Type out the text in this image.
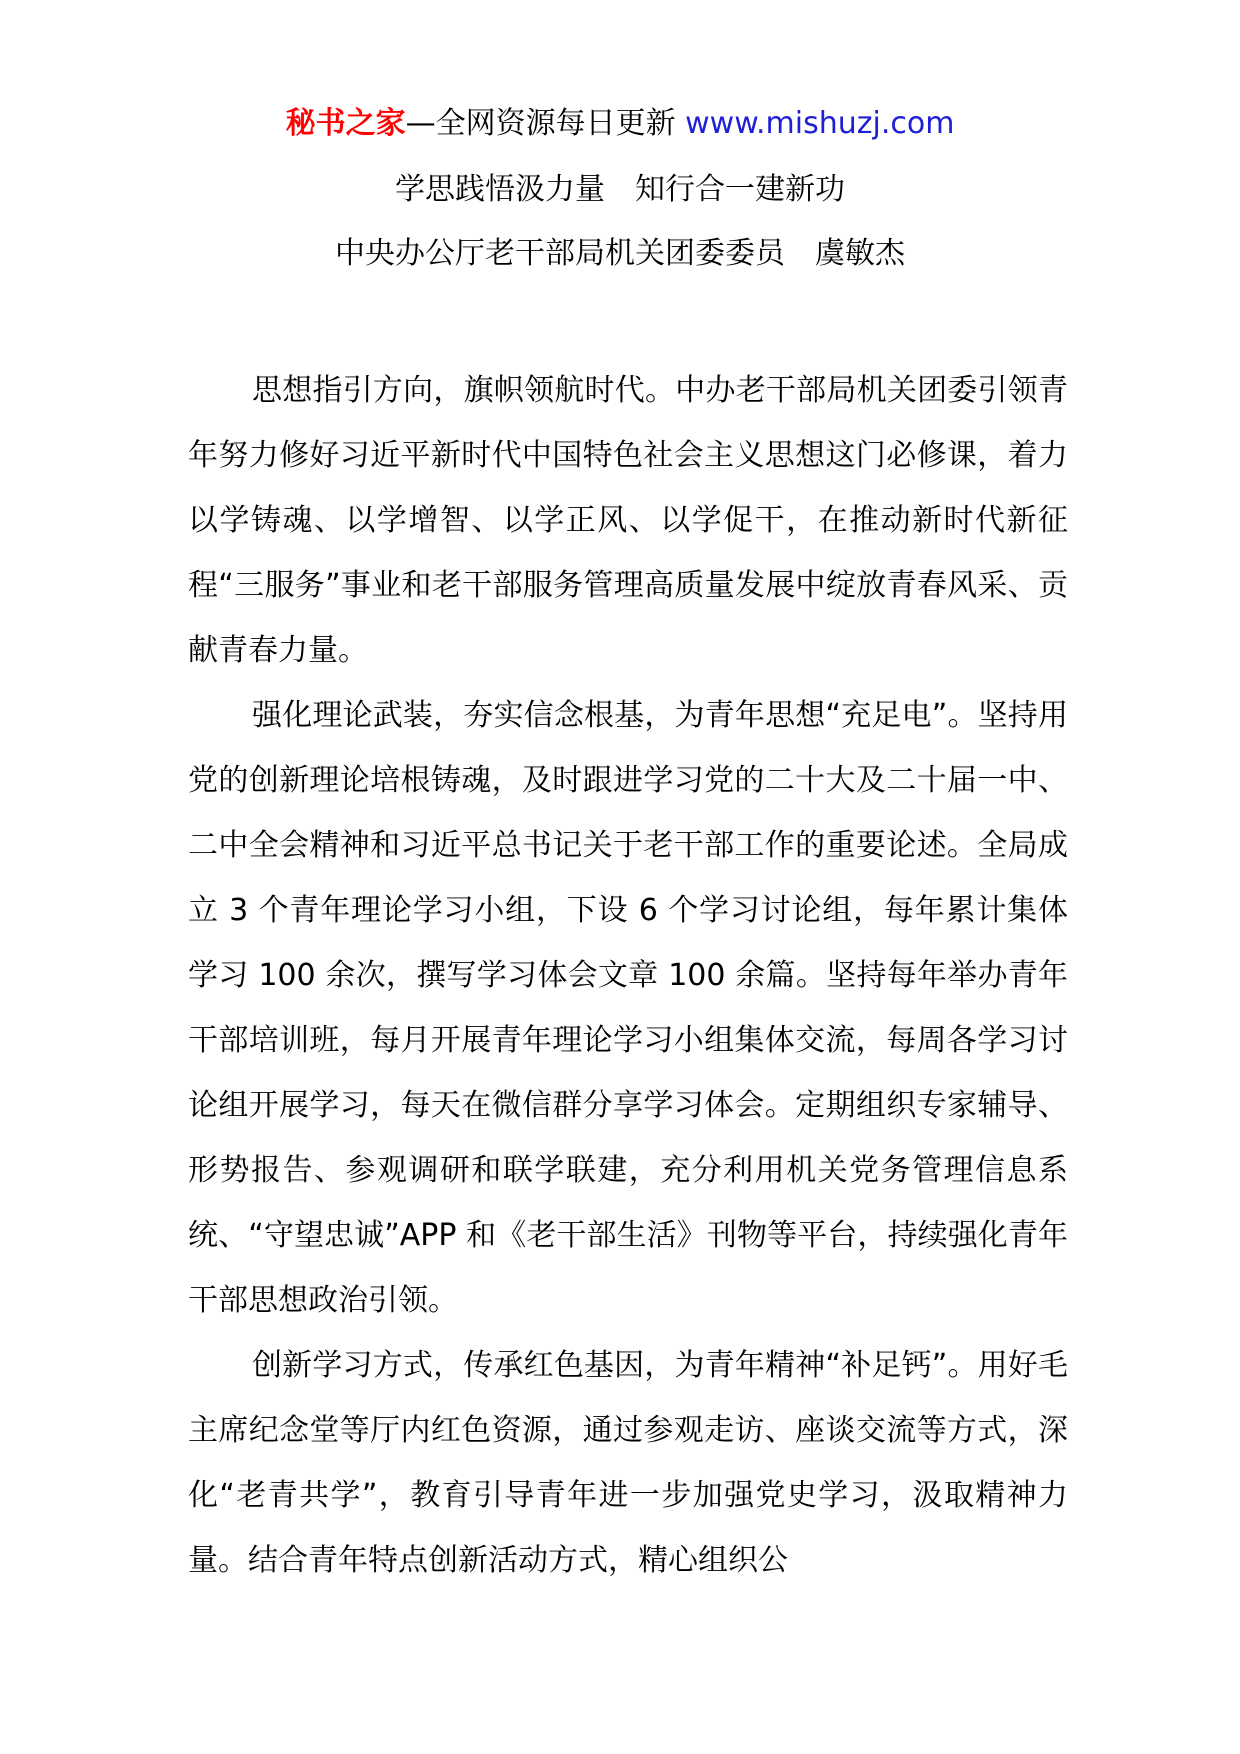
秘书之家—全网资源每日更新 www.mishuzj.com
学思践悟汲力量　知行合一建新功
中央办公厅老干部局机关团委委员　虞敏杰

思想指引方向，旗帜领航时代。中办老干部局机关团委引领青年努力修好习近平新时代中国特色社会主义思想这门必修课，着力以学铸魂、以学增智、以学正风、以学促干，在推动新时代新征程“三服务”事业和老干部服务管理高质量发展中绽放青春风采、贡献青春力量。

强化理论武装，夯实信念根基，为青年思想“充足电”。坚持用党的创新理论培根铸魂，及时跟进学习党的二十大及二十届一中、二中全会精神和习近平总书记关于老干部工作的重要论述。全局成立 3 个青年理论学习小组，下设 6 个学习讨论组，每年累计集体学习 100 余次，撰写学习体会文章 100 余篇。坚持每年举办青年干部培训班，每月开展青年理论学习小组集体交流，每周各学习讨论组开展学习，每天在微信群分享学习体会。定期组织专家辅导、形势报告、参观调研和联学联建，充分利用机关党务管理信息系统、“守望忠诚”APP 和《老干部生活》刊物等平台，持续强化青年干部思想政治引领。

创新学习方式，传承红色基因，为青年精神“补足钙”。用好毛主席纪念堂等厅内红色资源，通过参观走访、座谈交流等方式，深化“老青共学”，教育引导青年进一步加强党史学习，汲取精神力量。结合青年特点创新活动方式，精心组织公
